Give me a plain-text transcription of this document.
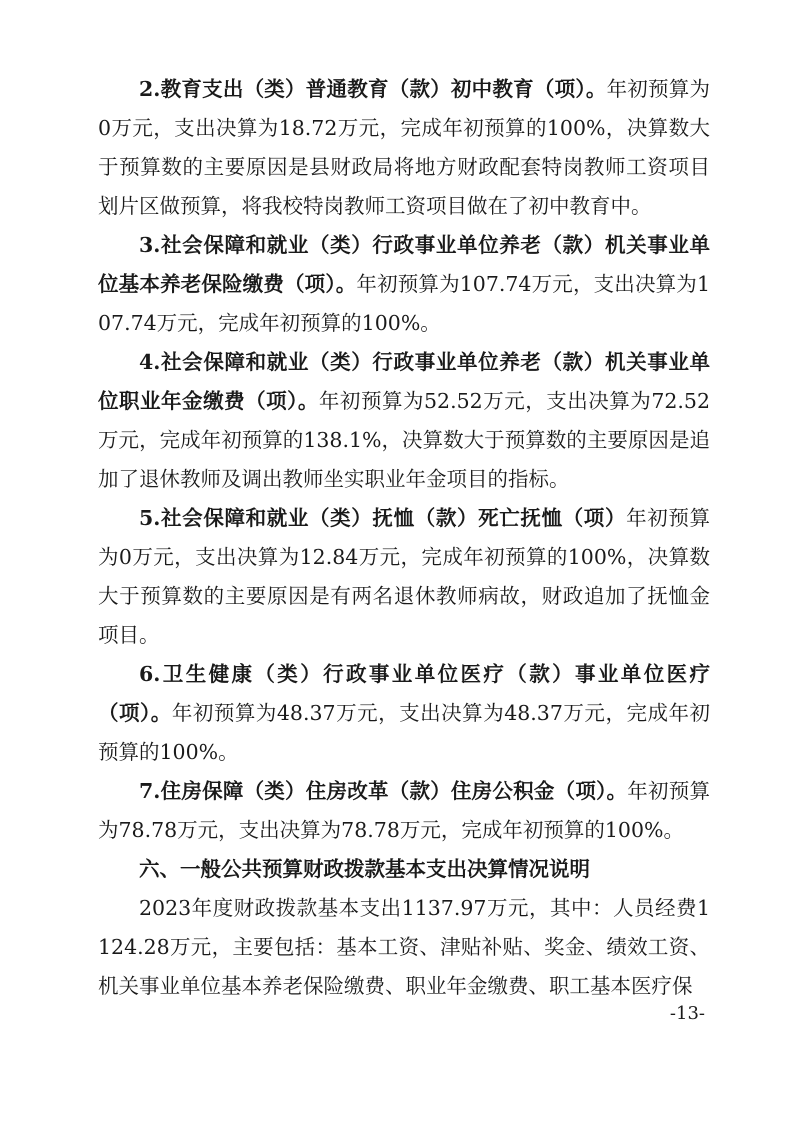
2.教育支出（类）普通教育（款）初中教育（项）。年初预算为0万元，支出决算为18.72万元，完成年初预算的100%，决算数大于预算数的主要原因是县财政局将地方财政配套特岗教师工资项目划片区做预算，将我校特岗教师工资项目做在了初中教育中。

3.社会保障和就业（类）行政事业单位养老（款）机关事业单位基本养老保险缴费（项）。年初预算为107.74万元，支出决算为107.74万元，完成年初预算的100%。

4.社会保障和就业（类）行政事业单位养老（款）机关事业单位职业年金缴费（项）。年初预算为52.52万元，支出决算为72.52万元，完成年初预算的138.1%，决算数大于预算数的主要原因是追加了退休教师及调出教师坐实职业年金项目的指标。

5.社会保障和就业（类）抚恤（款）死亡抚恤（项）年初预算为0万元，支出决算为12.84万元，完成年初预算的100%，决算数大于预算数的主要原因是有两名退休教师病故，财政追加了抚恤金项目。

6.卫生健康（类）行政事业单位医疗（款）事业单位医疗（项）。年初预算为48.37万元，支出决算为48.37万元，完成年初预算的100%。

7.住房保障（类）住房改革（款）住房公积金（项）。年初预算为78.78万元，支出决算为78.78万元，完成年初预算的100%。

六、一般公共预算财政拨款基本支出决算情况说明

2023年度财政拨款基本支出1137.97万元，其中：人员经费1124.28万元，主要包括：基本工资、津贴补贴、奖金、绩效工资、机关事业单位基本养老保险缴费、职业年金缴费、职工基本医疗保

-13-
